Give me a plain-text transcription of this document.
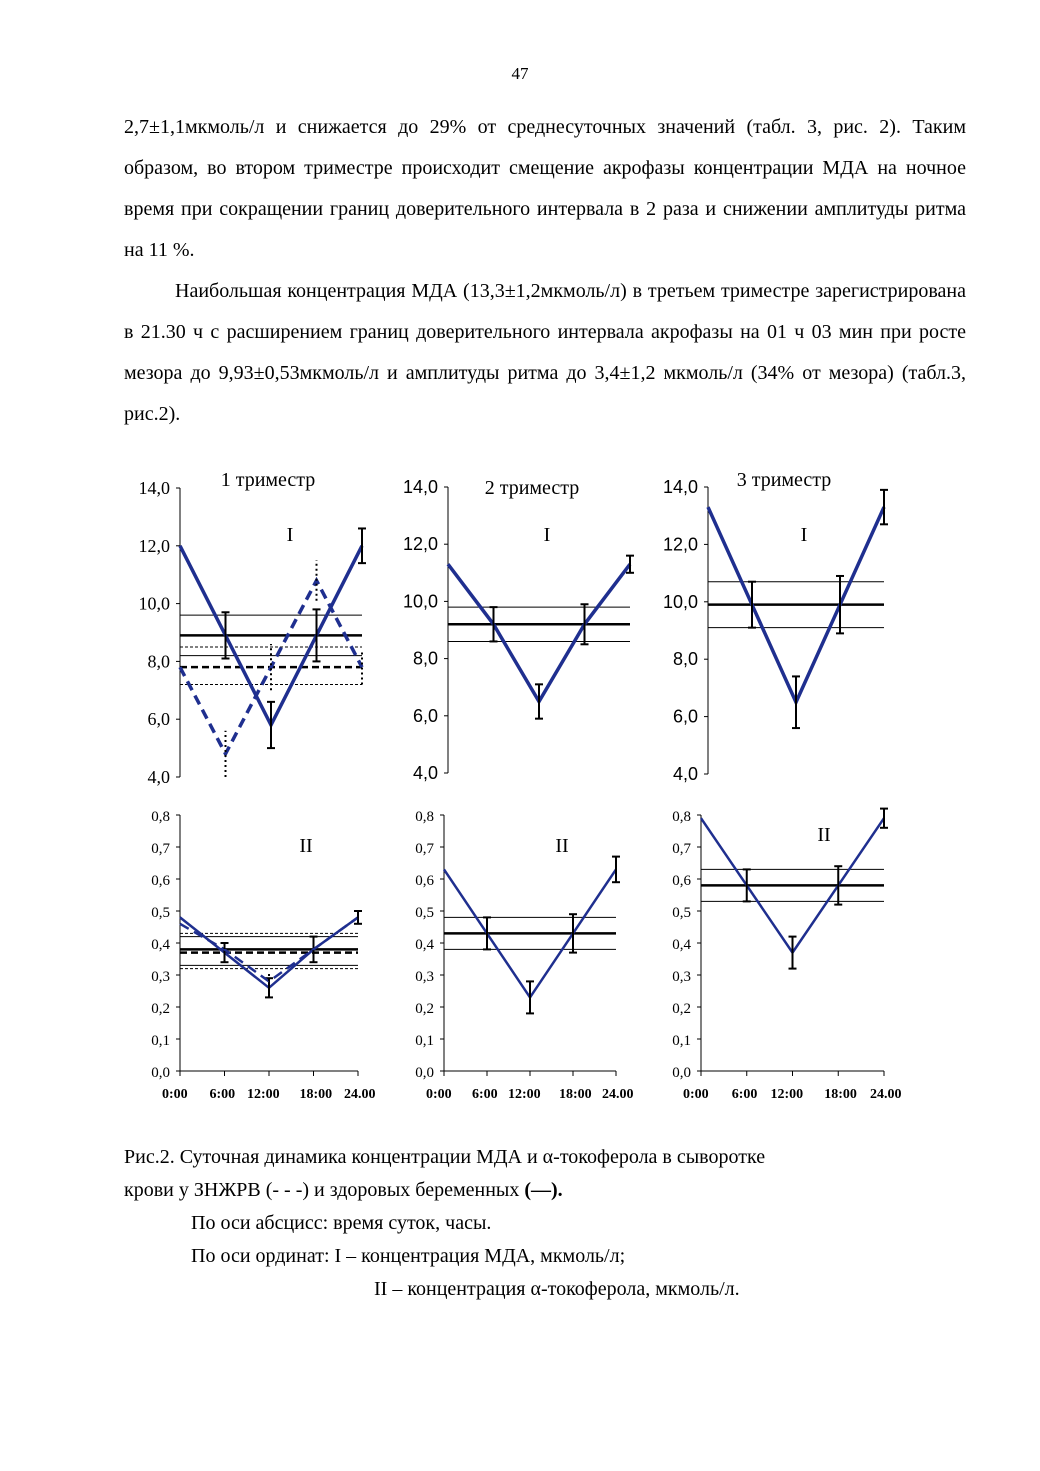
47

2,7±1,1мкмоль/л и снижается до 29% от среднесуточных значений (табл. 3, рис. 2). Таким образом, во втором триместре происходит смещение акрофазы концентрации МДА на ночное время при сокращении границ доверительного интервала в 2 раза и снижении амплитуды ритма на 11 %.

Наибольшая концентрация МДА (13,3±1,2мкмоль/л) в третьем триместре зарегистрирована в 21.30 ч с расширением границ доверительного интервала акрофазы на 01 ч 03 мин при росте мезора до 9,93±0,53мкмоль/л и амплитуды ритма до 3,4±1,2 мкмоль/л (34% от мезора) (табл.3, рис.2).

4,0
6,0
8,0
10,0
12,0
14,0	1 триместр
I
4,0
6,0
8,0
10,0
12,0
14,0 2 триместр
I
4,0
6,0
8,0
10,0
12,0
14,0 3 триместр
I
0,0
0,1
0,2
0,3
0,4
0,5
0,6
0,7
0,8
0:00 6:00 12:00 18:00 24.00
II
0,0
0,1
0,2
0,3
0,4
0,5
0,6
0,7
0,8
0:00 6:00 12:00 18:00 24.00
II
0,0
0,1
0,2
0,3
0,4
0,5
0,6
0,7
0,8
0:00 6:00 12:00 18:00 24.00
II
Рис.2. Суточная динамика концентрации МДА и α-токоферола в сыворотке
крови у ЗНЖРВ (- - -) и здоровых беременных (—).
По оси абсцисс: время суток, часы.
По оси ординат: I – концентрация МДА, мкмоль/л;
II – концентрация α-токоферола, мкмоль/л.
